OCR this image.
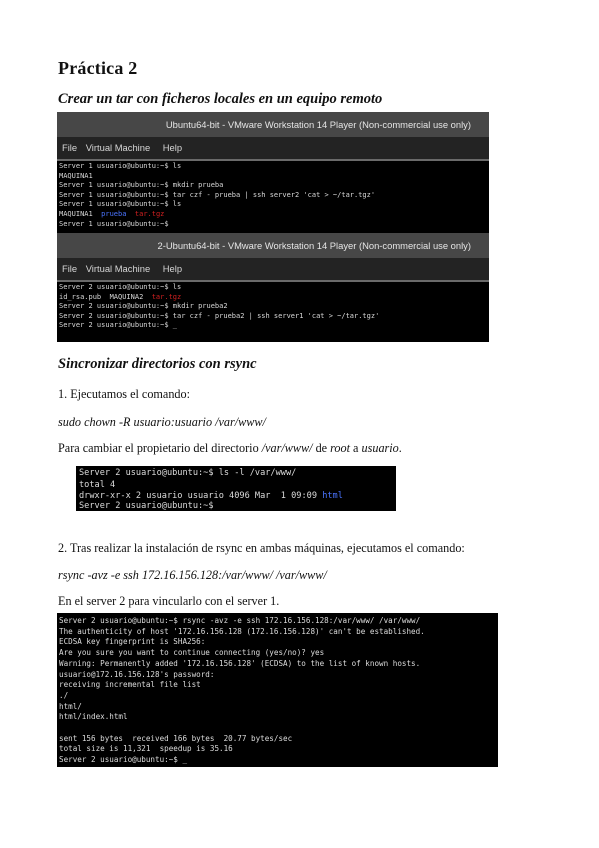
Práctica 2
Crear un tar con ficheros locales en un equipo remoto
Ubuntu64-bit - VMware Workstation 14 Player (Non-commercial use only)
File Virtual Machine Help
Server 1 usuario@ubuntu:~$ ls
MAQUINA1
Server 1 usuario@ubuntu:~$ mkdir prueba
Server 1 usuario@ubuntu:~$ tar czf - prueba | ssh server2 'cat > ~/tar.tgz'
Server 1 usuario@ubuntu:~$ ls
MAQUINA1  prueba tar.tgz
Server 1 usuario@ubuntu:~$
2-Ubuntu64-bit - VMware Workstation 14 Player (Non-commercial use only)
File Virtual Machine Help
Server 2 usuario@ubuntu:~$ ls
id_rsa.pub  MAQUINA2  tar.tgz
Server 2 usuario@ubuntu:~$ mkdir prueba2
Server 2 usuario@ubuntu:~$ tar czf - prueba2 | ssh server1 'cat > ~/tar.tgz'
Server 2 usuario@ubuntu:~$ _
Sincronizar directorios con rsync
1. Ejecutamos el comando:
sudo chown -R usuario:usuario /var/www/
Para cambiar el propietario del directorio /var/www/ de root a usuario.
Server 2 usuario@ubuntu:~$ ls -l /var/www/
total 4
drwxr-xr-x 2 usuario usuario 4096 Mar  1 09:09 html
Server 2 usuario@ubuntu:~$
2. Tras realizar la instalación de rsync en ambas máquinas, ejecutamos el comando:
rsync -avz -e ssh 172.16.156.128:/var/www/ /var/www/
En el server 2 para vincularlo con el server 1.
Server 2 usuario@ubuntu:~$ rsync -avz -e ssh 172.16.156.128:/var/www/ /var/www/
The authenticity of host '172.16.156.128 (172.16.156.128)' can't be established.
ECDSA key fingerprint is SHA256:
Are you sure you want to continue connecting (yes/no)? yes
Warning: Permanently added '172.16.156.128' (ECDSA) to the list of known hosts.
usuario@172.16.156.128's password:
receiving incremental file list
./
html/
html/index.html
sent 156 bytes  received 166 bytes  20.77 bytes/sec
total size is 11,321  speedup is 35.16
Server 2 usuario@ubuntu:~$ _
